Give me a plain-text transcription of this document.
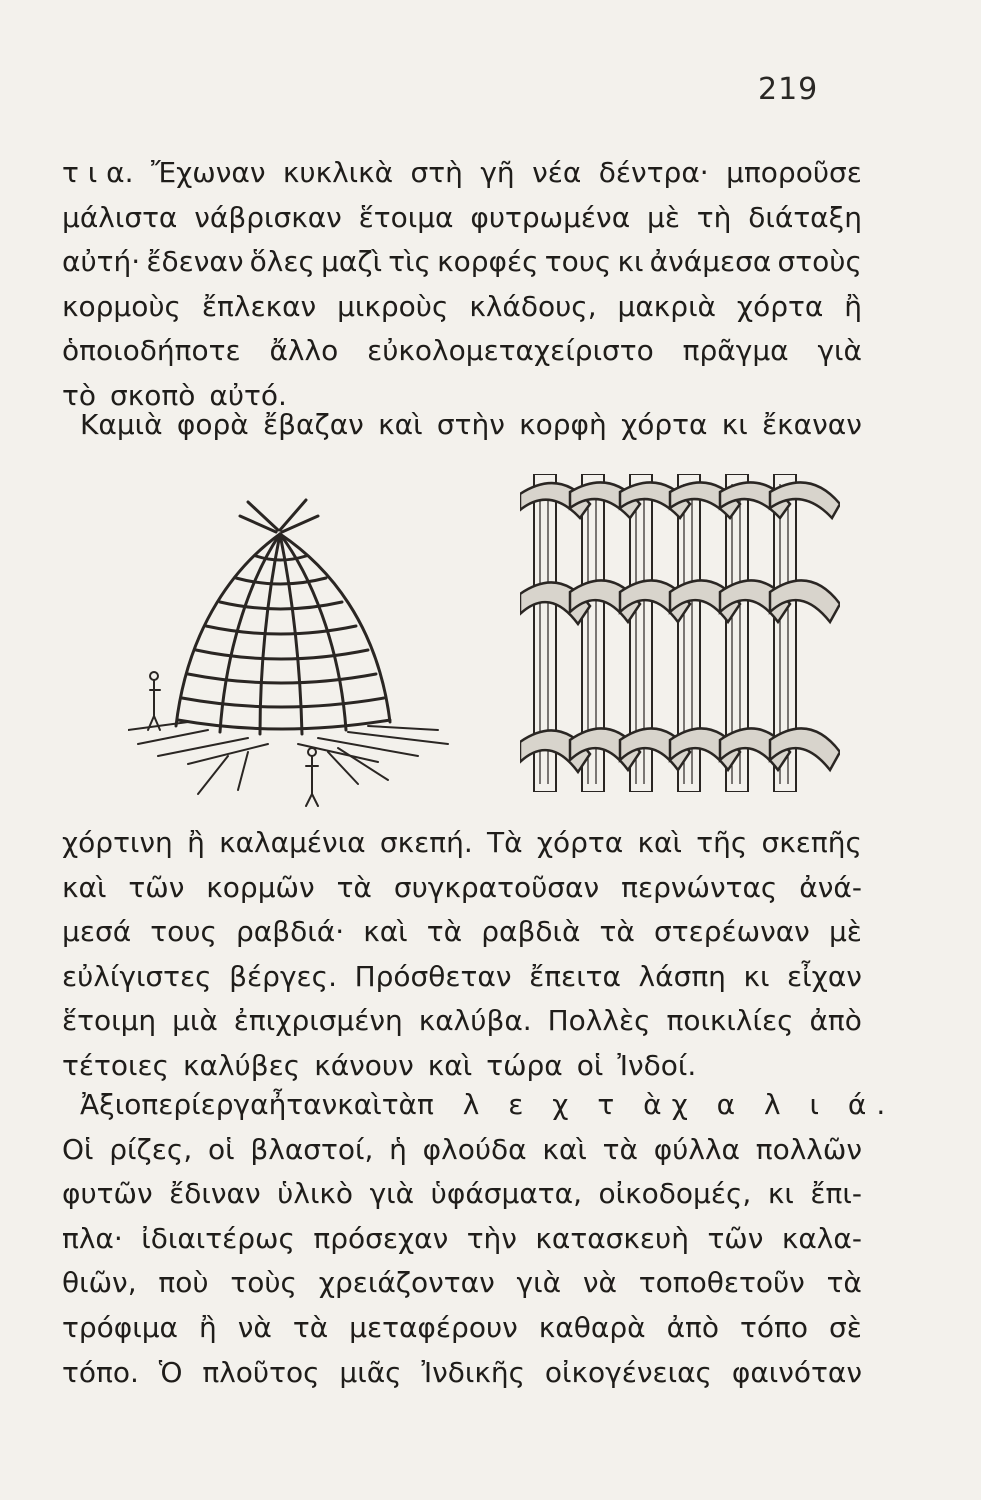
219
τ ι α. Ἔχωναν κυκλικὰ στὴ γῆ νέα δέντρα· μποροῦσε
μάλιστα νάβρισκαν ἕτοιμα φυτρωμένα μὲ τὴ διάταξη
αὐτή· ἔδεναν ὅλες μαζὶ τὶς κορφές τους κι ἀνάμεσα στοὺς
κορμοὺς ἔπλεκαν μικροὺς κλάδους, μακριὰ χόρτα ἢ
ὁποιοδήποτε ἄλλο εὐκολομεταχείριστο πρᾶγμα γιὰ
τὸ σκοπὸ αὐτό.
Καμιὰ φορὰ ἔβαζαν καὶ στὴν κορφὴ χόρτα κι ἔκαναν
χόρτινη ἢ καλαμένια σκεπή. Τὰ χόρτα καὶ τῆς σκεπῆς
καὶ τῶν κορμῶν τὰ συγκρατοῦσαν περνώντας ἀνά-
μεσά τους ραβδιά· καὶ τὰ ραβδιὰ τὰ στερέωναν μὲ
εὐλίγιστες βέργες. Πρόσθεταν ἔπειτα λάσπη κι εἶχαν
ἕτοιμη μιὰ ἐπιχρισμένη καλύβα. Πολλὲς ποικιλίες ἀπὸ
τέτοιες καλύβες κάνουν καὶ τώρα οἱ Ἰνδοί.
Ἀξιοπερίεργα ἦταν καὶ τὰ π λ ε χ τ ὰ χ α λ ι ά.
Οἱ ρίζες, οἱ βλαστοί, ἡ φλούδα καὶ τὰ φύλλα πολλῶν
φυτῶν ἔδιναν ὑλικὸ γιὰ ὑφάσματα, οἰκοδομές, κι ἔπι-
πλα· ἰδιαιτέρως πρόσεχαν τὴν κατασκευὴ τῶν καλα-
θιῶν, ποὺ τοὺς χρειάζονταν γιὰ νὰ τοποθετοῦν τὰ
τρόφιμα ἢ νὰ τὰ μεταφέρουν καθαρὰ ἀπὸ τόπο σὲ
τόπο. Ὁ πλοῦτος μιᾶς Ἰνδικῆς οἰκογένειας φαινόταν
